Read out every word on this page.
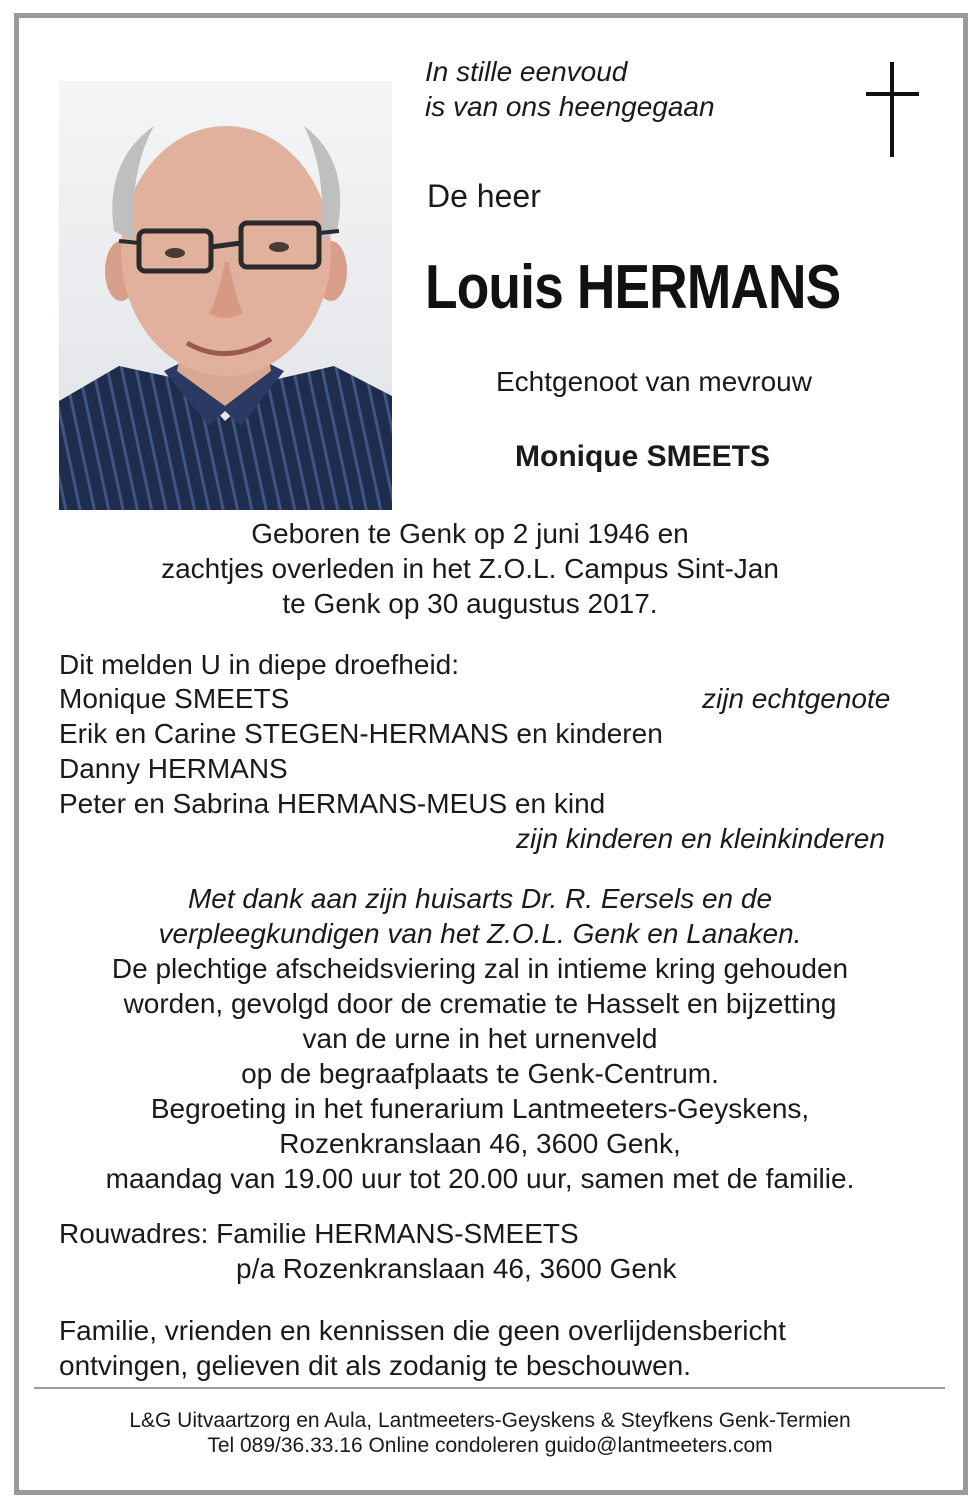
In stille eenvoud
is van ons heengegaan
De heer
Louis HERMANS
Echtgenoot van mevrouw
Monique SMEETS
Geboren te Genk op 2 juni 1946 en
zachtjes overleden in het Z.O.L. Campus Sint-Jan
te Genk op 30 augustus 2017.
Dit melden U in diepe droefheid:
Monique SMEETS	zijn echtgenote
Erik en Carine STEGEN-HERMANS en kinderen
Danny HERMANS
Peter en Sabrina HERMANS-MEUS en kind
zijn kinderen en kleinkinderen
Met dank aan zijn huisarts Dr. R. Eersels en de
verpleegkundigen van het Z.O.L. Genk en Lanaken.
De plechtige afscheidsviering zal in intieme kring gehouden
worden, gevolgd door de crematie te Hasselt en bijzetting
van de urne in het urnenveld
op de begraafplaats te Genk-Centrum.
Begroeting in het funerarium Lantmeeters-Geyskens,
Rozenkranslaan 46, 3600 Genk,
maandag van 19.00 uur tot 20.00 uur, samen met de familie.
Rouwadres: Familie HERMANS-SMEETS
p/a Rozenkranslaan 46, 3600 Genk
Familie, vrienden en kennissen die geen overlijdensbericht
ontvingen, gelieven dit als zodanig te beschouwen.
L&G Uitvaartzorg en Aula, Lantmeeters-Geyskens & Steyfkens Genk-Termien
Tel 089/36.33.16 Online condoleren guido@lantmeeters.com
